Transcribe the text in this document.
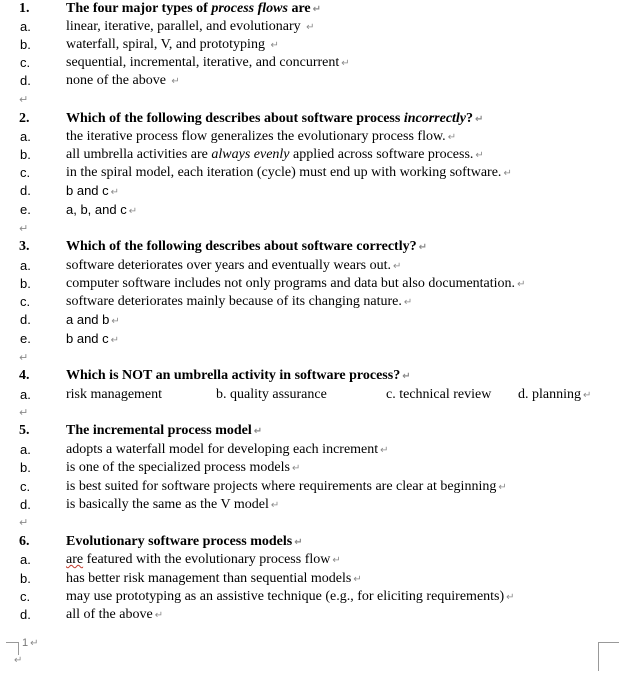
1.	The four major types of process flows are ↵
a.	linear, iterative, parallel, and evolutionary ↵
b.	waterfall, spiral, V, and prototyping ↵
c.	sequential, incremental, iterative, and concurrent ↵
d.	none of the above ↵
↵
2.	Which of the following describes about software process incorrectly? ↵
a.	the iterative process flow generalizes the evolutionary process flow. ↵
b.	all umbrella activities are always evenly applied across software process. ↵
c.	in the spiral model, each iteration (cycle) must end up with working software. ↵
d.	b and c ↵
e.	a, b, and c ↵
↵
3.	Which of the following describes about software correctly? ↵
a.	software deteriorates over years and eventually wears out. ↵
b.	computer software includes not only programs and data but also documentation. ↵
c.	software deteriorates mainly because of its changing nature. ↵
d.	a and b ↵
e.	b and c ↵
↵
4.	Which is NOT an umbrella activity in software process? ↵
a.	risk management	b. quality assurance	c. technical review d. planning ↵
↵
5.	The incremental process model ↵
a.	adopts a waterfall model for developing each increment ↵
b.	is one of the specialized process models ↵
c.	is best suited for software projects where requirements are clear at beginning ↵
d.	is basically the same as the V model ↵
↵
6.	Evolutionary software process models ↵
a.	are featured with the evolutionary process flow ↵
b.	has better risk management than sequential models ↵
c.	may use prototyping as an assistive technique (e.g., for eliciting requirements) ↵
d.	all of the above ↵
1 ↵
↵
